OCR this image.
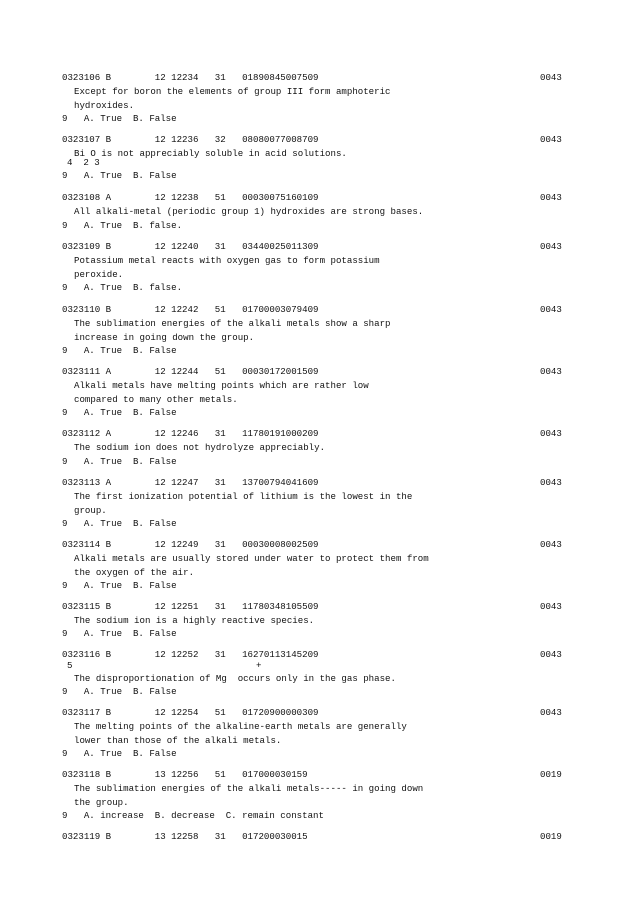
0323106 B        12 12234   31   01890845007509	0043
Except for boron the elements of group III form amphoteric
hydroxides.
9   A. True  B. False
0323107 B        12 12236   32   08080077008709	0043
Bi O is not appreciably soluble in acid solutions.
4  2 3
9   A. True  B. False
0323108 A        12 12238   51   00030075160109	0043
All alkali-metal (periodic group 1) hydroxides are strong bases.
9   A. True  B. false.
0323109 B        12 12240   31   03440025011309	0043
Potassium metal reacts with oxygen gas to form potassium
peroxide.
9   A. True  B. false.
0323110 B        12 12242   51   01700003079409	0043
The sublimation energies of the alkali metals show a sharp
increase in going down the group.
9   A. True  B. False
0323111 A        12 12244   51   00030172001509	0043
Alkali metals have melting points which are rather low
compared to many other metals.
9   A. True  B. False
0323112 A        12 12246   31   11780191000209	0043
The sodium ion does not hydrolyze appreciably.
9   A. True  B. False
0323113 A        12 12247   31   13700794041609	0043
The first ionization potential of lithium is the lowest in the
group.
9   A. True  B. False
0323114 B        12 12249   31   00030008002509	0043
Alkali metals are usually stored under water to protect them from
the oxygen of the air.
9   A. True  B. False
0323115 B        12 12251   31   11780348105509	0043
The sodium ion is a highly reactive species.
9   A. True  B. False
0323116 B        12 12252   31   16270113145209	0043
5	+
The disproportionation of Mg  occurs only in the gas phase.
9   A. True  B. False
0323117 B        12 12254   51   01720900000309	0043
The melting points of the alkaline-earth metals are generally
lower than those of the alkali metals.
9   A. True  B. False
0323118 B        13 12256   51   017000030159	0019
The sublimation energies of the alkali metals----- in going down
the group.
9   A. increase  B. decrease  C. remain constant
0323119 B        13 12258   31   017200030015	0019
